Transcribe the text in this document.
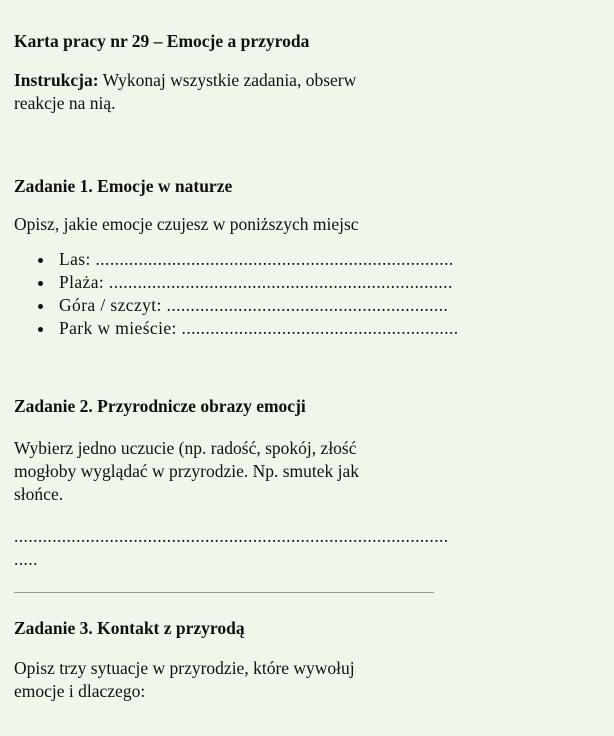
Karta pracy nr 29 – Emocje a przyroda
Instrukcja: Wykonaj wszystkie zadania, obserw
reakcje na nią.
Zadanie 1. Emocje w naturze

Opisz, jakie emocje czujesz w poniższych miejsc

Las: ...........................................................................
Plaża: ........................................................................
Góra / szczyt: ...........................................................
Park w mieście: ..........................................................
Zadanie 2. Przyrodnicze obrazy emocji
Wybierz jedno uczucie (np. radość, spokój, złość
mogłoby wyglądać w przyrodzie. Np. smutek jak
słońce.
...........................................................................................
.....
Zadanie 3. Kontakt z przyrodą
Opisz trzy sytuacje w przyrodzie, które wywołuj
emocje i dlaczego:
